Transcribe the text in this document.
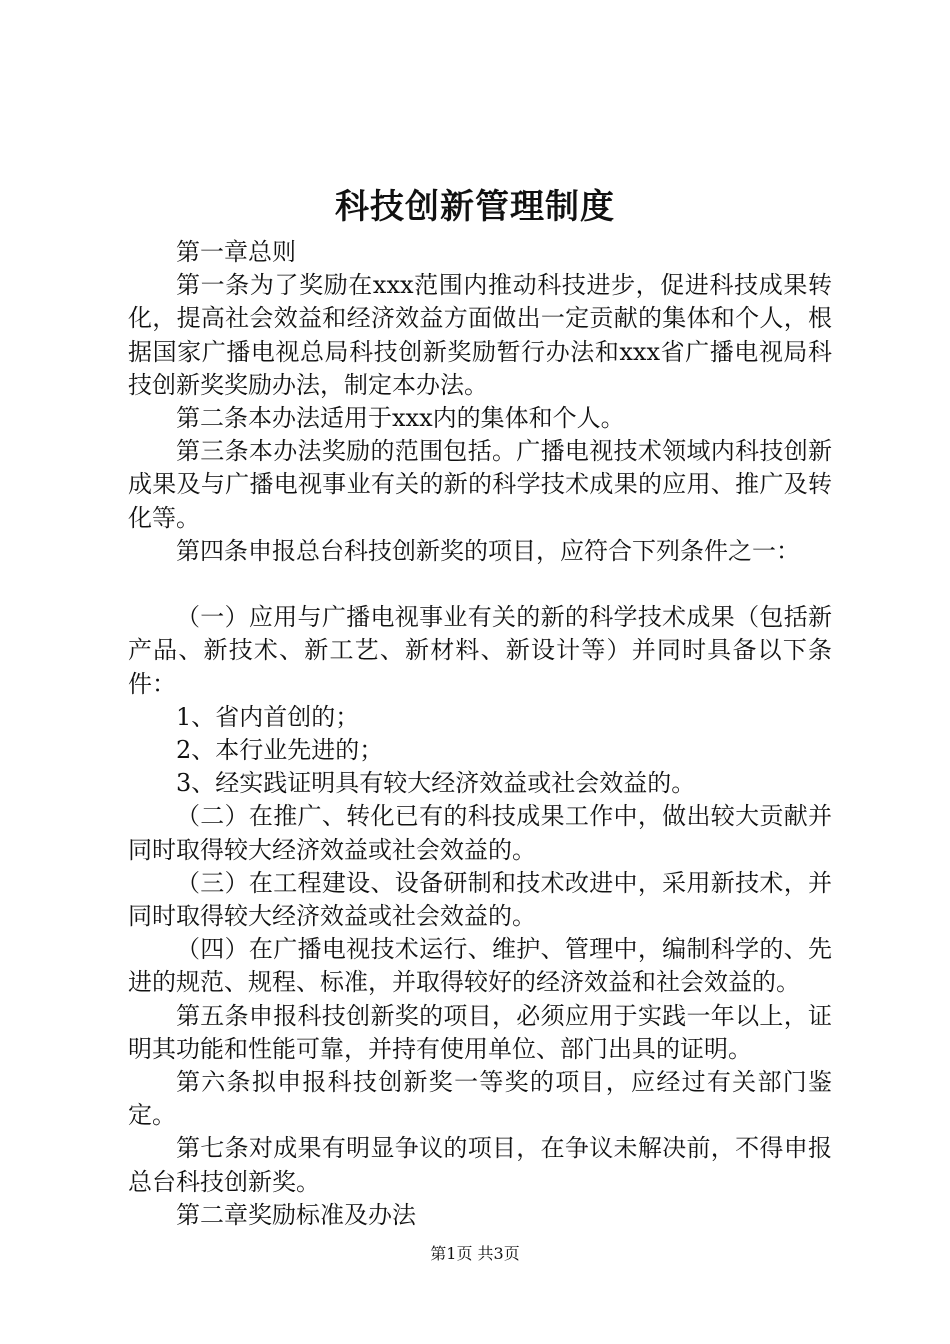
科技创新管理制度

第一章总则

第一条为了奖励在xxx范围内推动科技进步，促进科技成果转化，提高社会效益和经济效益方面做出一定贡献的集体和个人，根据国家广播电视总局科技创新奖励暂行办法和xxx省广播电视局科技创新奖奖励办法，制定本办法。

第二条本办法适用于xxx内的集体和个人。

第三条本办法奖励的范围包括。广播电视技术领域内科技创新成果及与广播电视事业有关的新的科学技术成果的应用、推广及转化等。

第四条申报总台科技创新奖的项目，应符合下列条件之一：

（一）应用与广播电视事业有关的新的科学技术成果（包括新产品、新技术、新工艺、新材料、新设计等）并同时具备以下条件：

1、省内首创的；

2、本行业先进的；

3、经实践证明具有较大经济效益或社会效益的。

（二）在推广、转化已有的科技成果工作中，做出较大贡献并同时取得较大经济效益或社会效益的。

（三）在工程建设、设备研制和技术改进中，采用新技术，并同时取得较大经济效益或社会效益的。

（四）在广播电视技术运行、维护、管理中，编制科学的、先进的规范、规程、标准，并取得较好的经济效益和社会效益的。

第五条申报科技创新奖的项目，必须应用于实践一年以上，证明其功能和性能可靠，并持有使用单位、部门出具的证明。

第六条拟申报科技创新奖一等奖的项目，应经过有关部门鉴定。

第七条对成果有明显争议的项目，在争议未解决前，不得申报总台科技创新奖。

第二章奖励标准及办法

第1页 共3页
